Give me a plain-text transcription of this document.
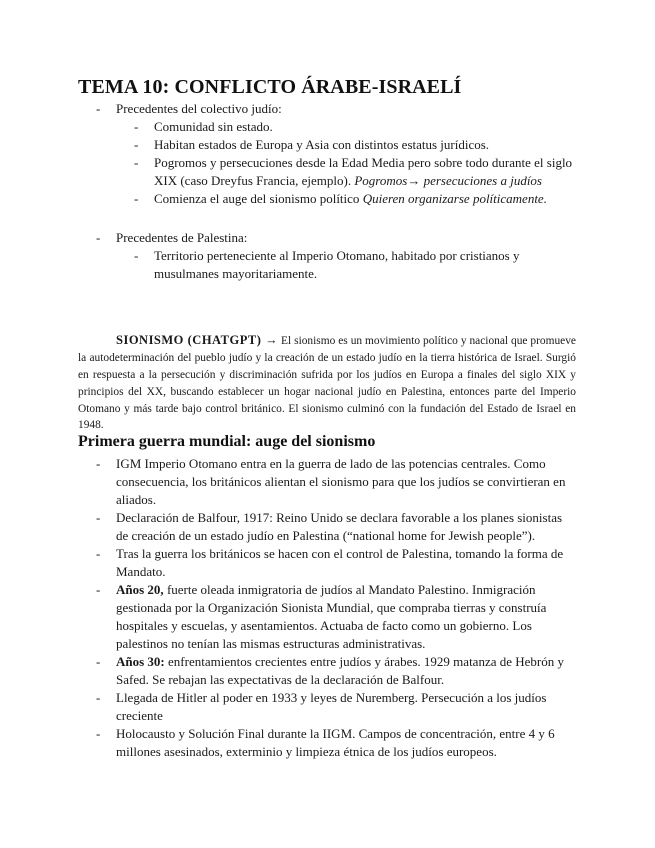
TEMA 10: CONFLICTO ÁRABE-ISRAELÍ
- Precedentes del colectivo judío:
- Comunidad sin estado.
- Habitan estados de Europa y Asia con distintos estatus jurídicos.
- Pogromos y persecuciones desde la Edad Media pero sobre todo durante el siglo XIX (caso Dreyfus Francia, ejemplo). Pogromos→ persecuciones a judíos
- Comienza el auge del sionismo político Quieren organizarse políticamente.
- Precedentes de Palestina:
- Territorio perteneciente al Imperio Otomano, habitado por cristianos y musulmanes mayoritariamente.

SIONISMO (CHATGPT) → El sionismo es un movimiento político y nacional que promueve la autodeterminación del pueblo judío y la creación de un estado judío en la tierra histórica de Israel. Surgió en respuesta a la persecución y discriminación sufrida por los judíos en Europa a finales del siglo XIX y principios del XX, buscando establecer un hogar nacional judío en Palestina, entonces parte del Imperio Otomano y más tarde bajo control británico. El sionismo culminó con la fundación del Estado de Israel en 1948.

Primera guerra mundial: auge del sionismo
- IGM Imperio Otomano entra en la guerra de lado de las potencias centrales. Como consecuencia, los británicos alientan el sionismo para que los judíos se convirtieran en aliados.
- Declaración de Balfour, 1917: Reino Unido se declara favorable a los planes sionistas de creación de un estado judío en Palestina (“national home for Jewish people”).
- Tras la guerra los británicos se hacen con el control de Palestina, tomando la forma de Mandato.
- Años 20, fuerte oleada inmigratoria de judíos al Mandato Palestino. Inmigración gestionada por la Organización Sionista Mundial, que compraba tierras y construía hospitales y escuelas, y asentamientos. Actuaba de facto como un gobierno. Los palestinos no tenían las mismas estructuras administrativas.
- Años 30: enfrentamientos crecientes entre judíos y árabes. 1929 matanza de Hebrón y Safed. Se rebajan las expectativas de la declaración de Balfour.
- Llegada de Hitler al poder en 1933 y leyes de Nuremberg. Persecución a los judíos creciente
- Holocausto y Solución Final durante la IIGM. Campos de concentración, entre 4 y 6 millones asesinados, exterminio y limpieza étnica de los judíos europeos.
